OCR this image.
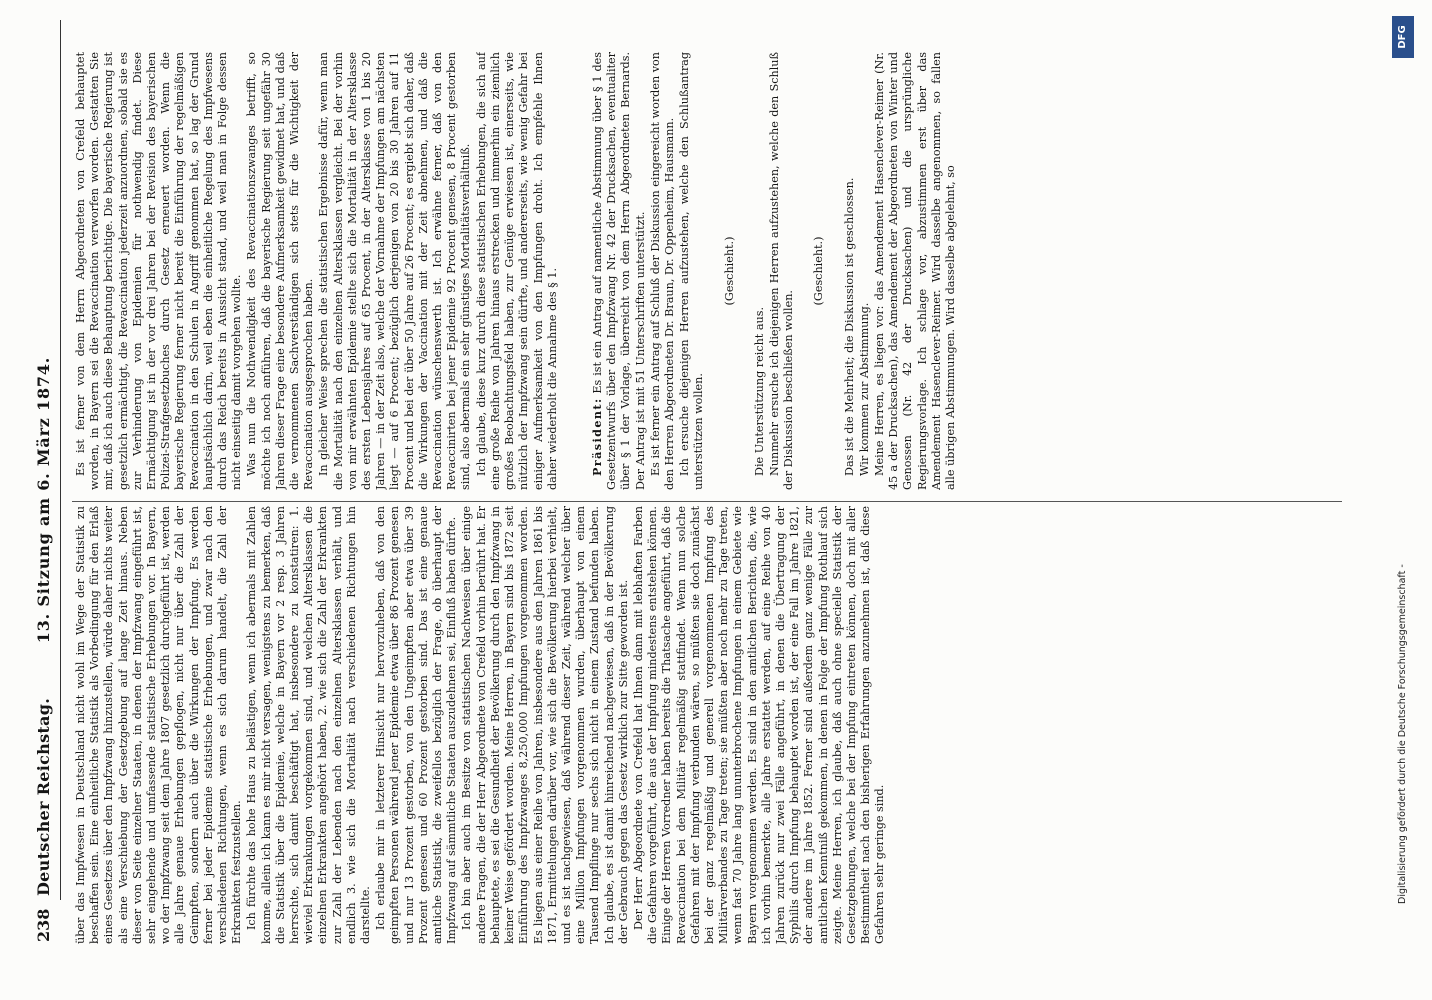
238
Deutscher Reichstag.
13. Sitzung am 6. März 1874.

über das Impfwesen in Deutschland nicht wohl im Wege der Statistik zu beschaffen sein. Eine einheitliche Statistik als Vorbedingung für den Erlaß eines Gesetzes über den Impfzwang hinzustellen, würde daher nichts weiter als eine Verschiebung der Gesetzgebung auf lange Zeit hinaus. Neben dieser von Seite einzelner Staaten, in denen der Impfzwang eingeführt ist, sehr eingehende und umfassende statistische Erhebungen vor. In Bayern, wo der Impfzwang seit dem Jahre 1807 gesetzlich durchgeführt ist, werden alle Jahre genaue Erhebungen gepflogen, nicht nur über die Zahl der Geimpften, sondern auch über die Wirkungen der Impfung. Es werden ferner bei jeder Epidemie statistische Erhebungen, und zwar nach den verschiedenen Richtungen, wenn es sich darum handelt, die Zahl der Erkrankten festzustellen. Ich fürchte das hohe Haus zu belästigen, wenn ich abermals mit Zahlen komme, allein ich kann es mir nicht versagen, wenigstens zu bemerken, daß die Statistik über die Epidemie, welche in Bayern vor 2 resp. 3 Jahren herrschte, sich damit beschäftigt hat, insbesondere zu konstatiren: 1. wieviel Erkrankungen vorgekommen sind, und welchen Altersklassen die einzelnen Erkrankten angehört haben, 2. wie sich die Zahl der Erkrankten zur Zahl der Lebenden nach den einzelnen Altersklassen verhält, und endlich 3. wie sich die Mortalität nach verschiedenen Richtungen hin darstellte. Ich erlaube mir in letzterer Hinsicht nur hervorzuheben, daß von den geimpften Personen während jener Epidemie etwa über 86 Prozent genesen und nur 13 Prozent gestorben, von den Ungeimpften aber etwa über 39 Prozent genesen und 60 Prozent gestorben sind. Das ist eine genaue amtliche Statistik, die zweifellos bezüglich der Frage, ob überhaupt der Impfzwang auf sämmtliche Staaten auszudehnen sei, Einfluß haben dürfte. Ich bin aber auch im Besitze von statistischen Nachweisen über einige andere Fragen, die der Herr Abgeordnete von Crefeld vorhin berührt hat. Er behauptete, es sei die Gesundheit der Bevölkerung durch den Impfzwang in keiner Weise gefördert worden. Meine Herren, in Bayern sind bis 1872 seit Einführung des Impfzwanges 8,250,000 Impfungen vorgenommen worden. Es liegen aus einer Reihe von Jahren, insbesondere aus den Jahren 1861 bis 1871, Ermittelungen darüber vor, wie sich die Bevölkerung hierbei verhielt, und es ist nachgewiesen, daß während dieser Zeit, während welcher über eine Million Impfungen vorgenommen wurden, überhaupt von einem Tausend Impflinge nur sechs sich nicht in einem Zustand befunden haben. Ich glaube, es ist damit hinreichend nachgewiesen, daß in der Bevölkerung der Gebrauch gegen das Gesetz wirklich zur Sitte geworden ist. Der Herr Abgeordnete von Crefeld hat Ihnen dann mit lebhaften Farben die Gefahren vorgeführt, die aus der Impfung mindestens entstehen können. Einige der Herren Vorredner haben bereits die Thatsache angeführt, daß die Revaccination bei dem Militär regelmäßig stattfindet. Wenn nun solche Gefahren mit der Impfung verbunden wären, so müßten sie doch zunächst bei der ganz regelmäßig und generell vorgenommenen Impfung des Militärverbandes zu Tage treten; sie müßten aber noch mehr zu Tage treten, wenn fast 70 Jahre lang ununterbrochene Impfungen in einem Gebiete wie Bayern vorgenommen werden. Es sind in den amtlichen Berichten, die, wie ich vorhin bemerkte, alle Jahre erstattet werden, auf eine Reihe von 40 Jahren zurück nur zwei Fälle angeführt, in denen die Übertragung der Syphilis durch Impfung behauptet worden ist, der eine Fall im Jahre 1821, der andere im Jahre 1852. Ferner sind außerdem ganz wenige Fälle zur amtlichen Kenntniß gekommen, in denen in Folge der Impfung Rothlauf sich zeigte. Meine Herren, ich glaube, daß auch ohne specielle Statistik der Gesetzgebungen, welche bei der Impfung eintreten können, doch mit aller Bestimmtheit nach den bisherigen Erfahrungen anzunehmen ist, daß diese Gefahren sehr geringe sind.

Es ist ferner von dem Herrn Abgeordneten von Crefeld behauptet worden, in Bayern sei die Revaccination verworfen worden. Gestatten Sie mir, daß ich auch diese Behauptung berichtige. Die bayerische Regierung ist gesetzlich ermächtigt, die Revaccination jederzeit anzuordnen, sobald sie es zur Verhinderung von Epidemien für nothwendig findet. Diese Ermächtigung ist in der vor drei Jahren bei der Revision des bayerischen Polizei-Strafgesetzbuches durch Gesetz erneuert worden. Wenn die bayerische Regierung ferner nicht bereit die Einführung der regelmäßigen Revaccination in den Schulen in Angriff genommen hat, so lag der Grund hauptsächlich darin, weil eben die einheitliche Regelung des Impfwesens durch das Reich bereits in Aussicht stand, und weil man in Folge dessen nicht einseitig damit vorgehen wollte. Was nun die Nothwendigkeit des Revaccinationszwanges betrifft, so möchte ich noch anführen, daß die bayerische Regierung seit ungefähr 30 Jahren dieser Frage eine besondere Aufmerksamkeit gewidmet hat, und daß die vernommenen Sachverständigen sich stets für die Wichtigkeit der Revaccination ausgesprochen haben. In gleicher Weise sprechen die statistischen Ergebnisse dafür, wenn man die Mortalität nach den einzelnen Altersklassen vergleicht. Bei der vorhin von mir erwähnten Epidemie stellte sich die Mortalität in der Altersklasse des ersten Lebensjahres auf 65 Procent, in der Altersklasse von 1 bis 20 Jahren — in der Zeit also, welche der Vornahme der Impfungen am nächsten liegt — auf 6 Procent; bezüglich derjenigen von 20 bis 30 Jahren auf 11 Procent und bei der über 50 Jahre auf 26 Procent; es ergiebt sich daher, daß die Wirkungen der Vaccination mit der Zeit abnehmen, und daß die Revaccination wünschenswerth ist. Ich erwähne ferner, daß von den Revaccinirten bei jener Epidemie 92 Procent genesen, 8 Procent gestorben sind, also abermals ein sehr günstiges Mortalitätsverhältniß. Ich glaube, diese kurz durch diese statistischen Erhebungen, die sich auf eine große Reihe von Jahren hinaus erstrecken und immerhin ein ziemlich großes Beobachtungsfeld haben, zur Genüge erwiesen ist, einerseits, wie nützlich der Impfzwang sein dürfte, und andererseits, wie wenig Gefahr bei einiger Aufmerksamkeit von den Impfungen droht. Ich empfehle Ihnen daher wiederholt die Annahme des § 1.	Präsident: Es ist ein Antrag auf namentliche Abstimmung über § 1 des Gesetzentwurfs über den Impfzwang Nr. 42 der Drucksachen, eventualiter über § 1 der Vorlage, überreicht von dem Herrn Abgeordneten Bernards. Der Antrag ist mit 51 Unterschriften unterstützt. Es ist ferner ein Antrag auf Schluß der Diskussion eingereicht worden von den Herren Abgeordneten Dr. Braun, Dr. Oppenheim, Hausmann. Ich ersuche diejenigen Herren aufzustehen, welche den Schlußantrag unterstützen wollen.

(Geschieht.)

Die Unterstützung reicht aus. Nunmehr ersuche ich diejenigen Herren aufzustehen, welche den Schluß der Diskussion beschließen wollen.

(Geschieht.) Das ist die Mehrheit; die Diskussion ist geschlossen. Wir kommen zur Abstimmung. Meine Herren, es liegen vor: das Amendement Hasenclever-Reimer (Nr. 45 a der Drucksachen), das Amendement der Abgeordneten von Winter und Genossen (Nr. 42 der Drucksachen) und die ursprüngliche Regierungsvorlage. Ich schlage vor, abzustimmen erst über das Amendement Hasenclever-Reimer. Wird dasselbe angenommen, so fallen alle übrigen Abstimmungen. Wird dasselbe abgelehnt, so

Digitalisierung gefördert durch die Deutsche Forschungsgemeinschaft -
DFG
